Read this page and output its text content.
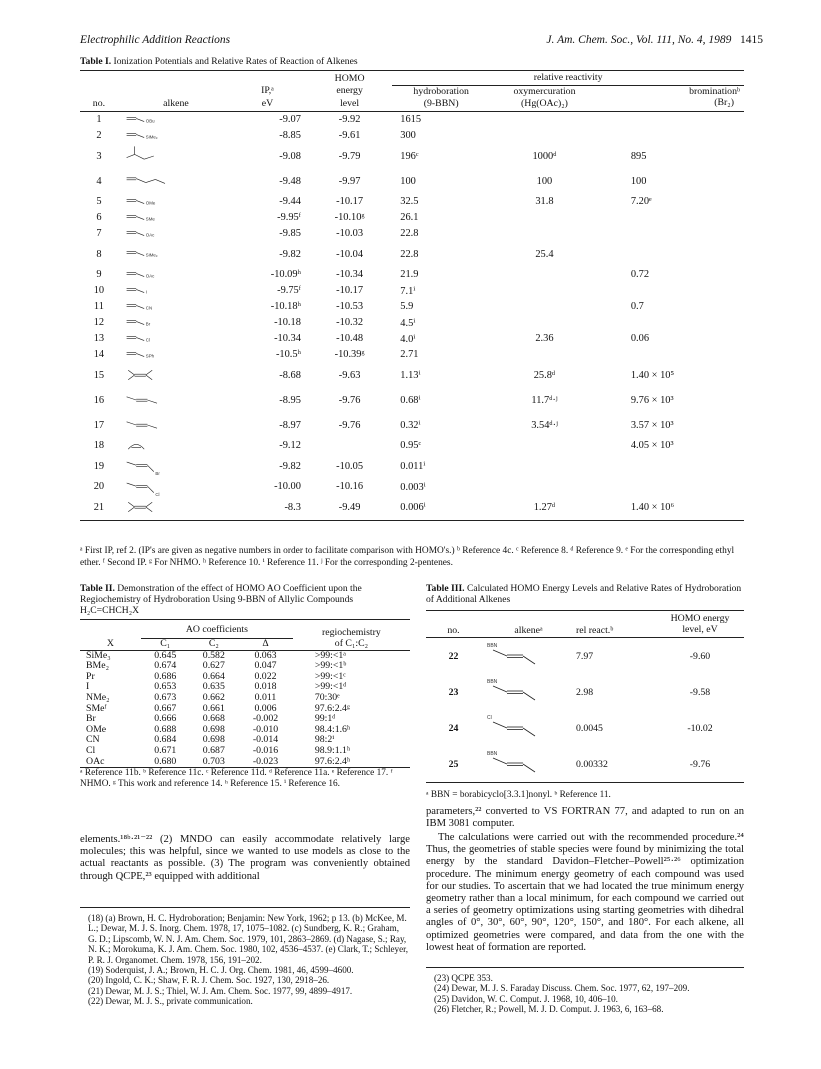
Electrophilic Addition Reactions	J. Am. Chem. Soc., Vol. 111, No. 4, 1989 1415
Table I. Ionization Potentials and Relative Rates of Reaction of Alkenes
			HOMO	relative reactivity		
		IP,ᵃ	energy	hydroboration	oxymercuration	brominationᵇ
no.	alkene	eV	level	(9-BBN)	(Hg(OAc)₂)	(Br₂)
1	OBu	-9.07	-9.92	1615		
2	SiMe₃	-8.85	-9.61	300		
3		-9.08	-9.79	196ᶜ	1000ᵈ	895
4		-9.48	-9.97	100	100	100
5	OMe	-9.44	-10.17	32.5	31.8	7.20ᵉ
6	SMe	-9.95ᶠ	-10.10ᵍ	26.1		
7	OAc	-9.85	-10.03	22.8		
8	SiMe₃	-9.82	-10.04	22.8	25.4	
9	OAc	-10.09ʰ	-10.34	21.9		0.72
10	I	-9.75ᶠ	-10.17	7.1ⁱ		
11	CN	-10.18ʰ	-10.53	5.9		0.7
12	Br	-10.18	-10.32	4.5ⁱ		
13	Cl	-10.34	-10.48	4.0ⁱ	2.36	0.06
14	SPh	-10.5ʰ	-10.39ᵍ	2.71		
15		-8.68	-9.63	1.13ⁱ	25.8ᵈ	1.40 × 10⁵
16		-8.95	-9.76	0.68ⁱ	11.7ᵈ·ʲ	9.76 × 10³
17		-8.97	-9.76	0.32ⁱ	3.54ᵈ·ʲ	3.57 × 10³
18		-9.12		0.95ᶜ		4.05 × 10³
19	Br	-9.82	-10.05	0.011ⁱ		
20	Cl	-10.00	-10.16	0.003ⁱ		
21		-8.3	-9.49	0.006ⁱ	1.27ᵈ	1.40 × 10⁶
ᵃ First IP, ref 2. (IP's are given as negative numbers in order to facilitate comparison with HOMO's.) ᵇ Reference 4c. ᶜ Reference 8. ᵈ Reference 9. ᵉ For the corresponding ethyl ether. ᶠ Second IP. ᵍ For NHMO. ʰ Reference 10. ⁱ Reference 11. ʲ For the corresponding 2-pentenes.
Table II. Demonstration of the effect of HOMO AO Coefficient upon the Regiochemistry of Hydroboration Using 9-BBN of Allylic Compounds H₂C=CHCH₂X
	AO coefficients			regiochemistry
X	C₁	C₂	Δ	of C₁:C₂
SiMe₃	0.645	0.582	0.063	>99:<1ᵃ
BMe₂	0.674	0.627	0.047	>99:<1ᵇ
Pr	0.686	0.664	0.022	>99:<1ᶜ
I	0.653	0.635	0.018	>99:<1ᵈ
NMe₂	0.673	0.662	0.011	70:30ᵉ
SMeᶠ	0.667	0.661	0.006	97.6:2.4ᵍ
Br	0.666	0.668	-0.002	99:1ᵈ
OMe	0.688	0.698	-0.010	98.4:1.6ʰ
CN	0.684	0.698	-0.014	98:2ⁱ
Cl	0.671	0.687	-0.016	98.9:1.1ʰ
OAc	0.680	0.703	-0.023	97.6:2.4ʰ
ᵃ Reference 11b. ᵇ Reference 11c. ᶜ Reference 11d. ᵈ Reference 11a. ᵉ Reference 17. ᶠ NHMO. ᵍ This work and reference 14. ʰ Reference 15. ⁱ Reference 16.
Table III. Calculated HOMO Energy Levels and Relative Rates of Hydroboration of Additional Alkenes
			HOMO energy
no.	alkeneᵃ	rel react.ᵇ	level, eV
22	BBN	7.97	-9.60
23	BBN	2.98	-9.58
24	Cl	0.0045	-10.02
25	BBN	0.00332	-9.76
ᵃ BBN = borabicyclo[3.3.1]nonyl. ᵇ Reference 11.
elements.¹⁸ᵇ·²¹⁻²² (2) MNDO can easily accommodate relatively large molecules; this was helpful, since we wanted to use models as close to the actual reactants as possible. (3) The program was conveniently obtained through QCPE,²³ equipped with additional
parameters,²² converted to VS FORTRAN 77, and adapted to run on an IBM 3081 computer.
The calculations were carried out with the recommended procedure.²⁴ Thus, the geometries of stable species were found by minimizing the total energy by the standard Davidon–Fletcher–Powell²⁵·²⁶ optimization procedure. The minimum energy geometry of each compound was used for our studies. To ascertain that we had located the true minimum energy geometry rather than a local minimum, for each compound we carried out a series of geometry optimizations using starting geometries with dihedral angles of 0°, 30°, 60°, 90°, 120°, 150°, and 180°. For each alkene, all optimized geometries were compared, and data from the one with the lowest heat of formation are reported.
(18) (a) Brown, H. C. Hydroboration; Benjamin: New York, 1962; p 13. (b) McKee, M. L.; Dewar, M. J. S. Inorg. Chem. 1978, 17, 1075–1082. (c) Sundberg, K. R.; Graham, G. D.; Lipscomb, W. N. J. Am. Chem. Soc. 1979, 101, 2863–2869. (d) Nagase, S.; Ray, N. K.; Morokuma, K. J. Am. Chem. Soc. 1980, 102, 4536–4537. (e) Clark, T.; Schleyer, P. R. J. Organomet. Chem. 1978, 156, 191–202.
(19) Soderquist, J. A.; Brown, H. C. J. Org. Chem. 1981, 46, 4599–4600.
(20) Ingold, C. K.; Shaw, F. R. J. Chem. Soc. 1927, 130, 2918–26.
(21) Dewar, M. J. S.; Thiel, W. J. Am. Chem. Soc. 1977, 99, 4899–4917.
(22) Dewar, M. J. S., private communication.
(23) QCPE 353.
(24) Dewar, M. J. S. Faraday Discuss. Chem. Soc. 1977, 62, 197–209.
(25) Davidon, W. C. Comput. J. 1968, 10, 406–10.
(26) Fletcher, R.; Powell, M. J. D. Comput. J. 1963, 6, 163–68.
